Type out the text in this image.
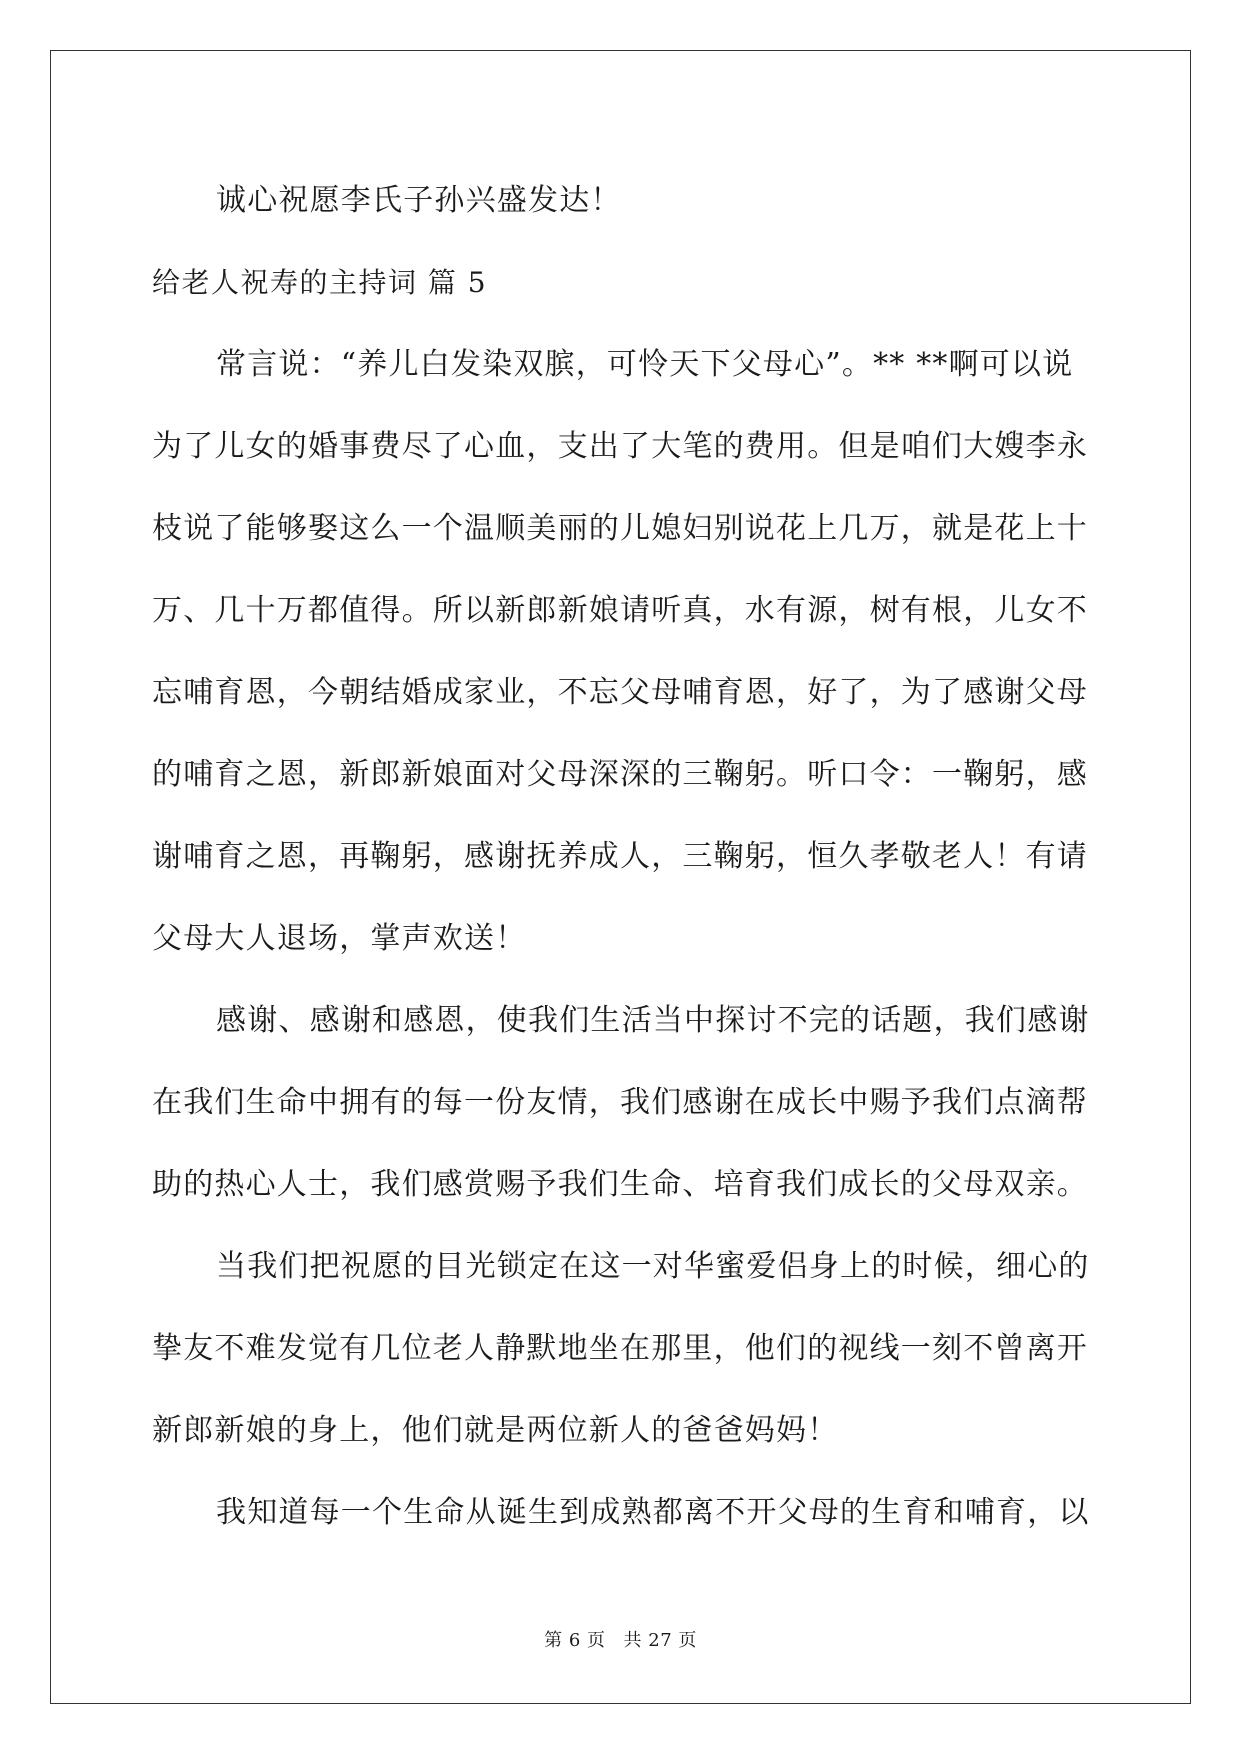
诚心祝愿李氏子孙兴盛发达！
给老人祝寿的主持词 篇 5
常言说：“养儿白发染双膑，可怜天下父母心”。** **啊可以说
为了儿女的婚事费尽了心血，支出了大笔的费用。但是咱们大嫂李永
枝说了能够娶这么一个温顺美丽的儿媳妇别说花上几万，就是花上十
万、几十万都值得。所以新郎新娘请听真，水有源，树有根，儿女不
忘哺育恩，今朝结婚成家业，不忘父母哺育恩，好了，为了感谢父母
的哺育之恩，新郎新娘面对父母深深的三鞠躬。听口令：一鞠躬，感
谢哺育之恩，再鞠躬，感谢抚养成人，三鞠躬，恒久孝敬老人！有请
父母大人退场，掌声欢送！
感谢、感谢和感恩，使我们生活当中探讨不完的话题，我们感谢
在我们生命中拥有的每一份友情，我们感谢在成长中赐予我们点滴帮
助的热心人士，我们感赏赐予我们生命、培育我们成长的父母双亲。
当我们把祝愿的目光锁定在这一对华蜜爱侣身上的时候，细心的
挚友不难发觉有几位老人静默地坐在那里，他们的视线一刻不曾离开
新郎新娘的身上，他们就是两位新人的爸爸妈妈！
我知道每一个生命从诞生到成熟都离不开父母的生育和哺育，以
第 6 页 共 27 页
